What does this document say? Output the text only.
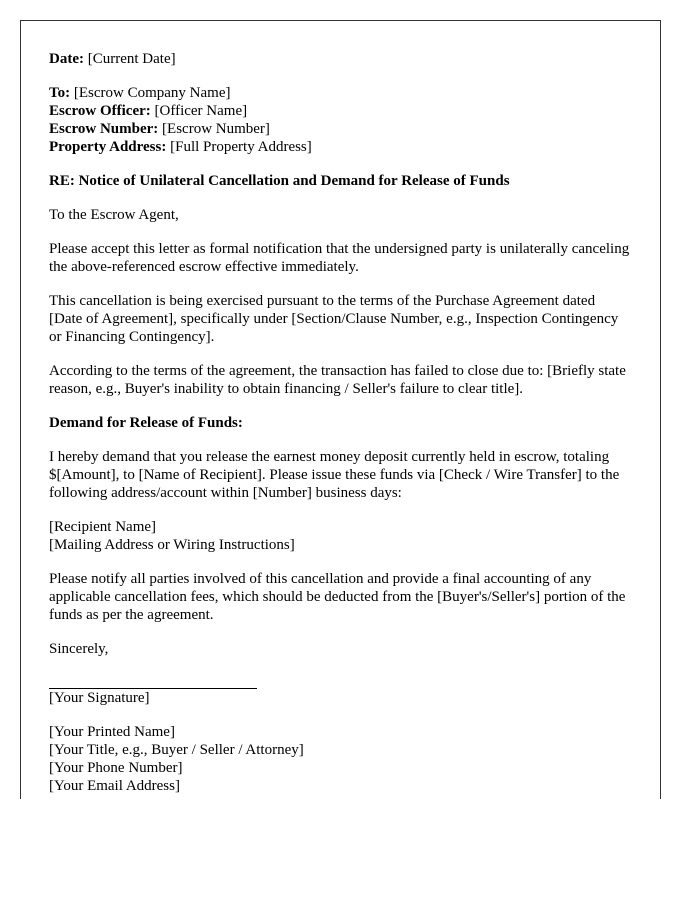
Date: [Current Date]

To: [Escrow Company Name]
Escrow Officer: [Officer Name]
Escrow Number: [Escrow Number]
Property Address: [Full Property Address]

RE: Notice of Unilateral Cancellation and Demand for Release of Funds

To the Escrow Agent,

Please accept this letter as formal notification that the undersigned party is unilaterally canceling the above-referenced escrow effective immediately.

This cancellation is being exercised pursuant to the terms of the Purchase Agreement dated [Date of Agreement], specifically under [Section/Clause Number, e.g., Inspection Contingency or Financing Contingency].

According to the terms of the agreement, the transaction has failed to close due to: [Briefly state reason, e.g., Buyer's inability to obtain financing / Seller's failure to clear title].

Demand for Release of Funds:

I hereby demand that you release the earnest money deposit currently held in escrow, totaling $[Amount], to [Name of Recipient]. Please issue these funds via [Check / Wire Transfer] to the following address/account within [Number] business days:

[Recipient Name]
[Mailing Address or Wiring Instructions]

Please notify all parties involved of this cancellation and provide a final accounting of any applicable cancellation fees, which should be deducted from the [Buyer's/Seller's] portion of the funds as per the agreement.

Sincerely,

[Your Signature]

[Your Printed Name]
[Your Title, e.g., Buyer / Seller / Attorney]
[Your Phone Number]
[Your Email Address]
